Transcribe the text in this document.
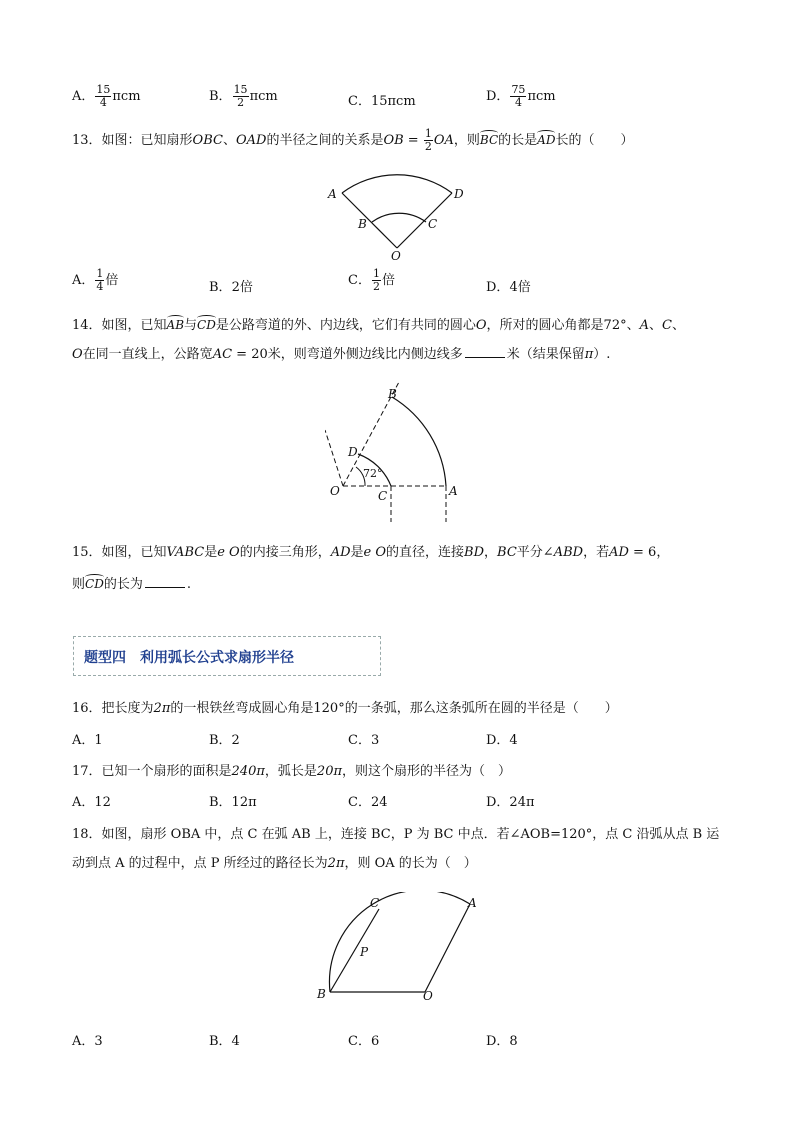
A． $\frac{15}{4}$ πcm	B． $\frac{15}{2}$ πcm	C．15πcm	D． $\frac{75}{4}$ πcm
13．如图：已知扇形OBC、OAD的半径之间的关系是OB = $\frac{1}{2}$ OA，则BC的长是AD长的（　　）
A	D
B	C
O
A． $\frac{1}{4}$ 倍	B．2倍	C． $\frac{1}{2}$ 倍	D．4倍
14．如图，已知AB与CD是公路弯道的外、内边线，它们有共同的圆心O，所对的圆心角都是72°、A、C、
O在同一直线上，公路宽AC = 20米，则弯道外侧边线比内侧边线多	米（结果保留π）.
B
D
72°
O	C	A
15．如图，已知VABC是e O的内接三角形，AD是e O的直径，连接BD，BC平分∠ABD，若AD = 6，
则CD的长为	.
题型四　利用弧长公式求扇形半径
16．把长度为2π的一根铁丝弯成圆心角是120°的一条弧，那么这条弧所在圆的半径是（　　）
A．1	B．2	C．3	D．4
17．已知一个扇形的面积是240π，弧长是20π，则这个扇形的半径为（　）
A．12	B．12π	C．24	D．24π
18．如图，扇形 OBA 中，点 C 在弧 AB 上，连接 BC，P 为 BC 中点．若∠AOB=120°，点 C 沿弧从点 B 运
动到点 A 的过程中，点 P 所经过的路径长为2π，则 OA 的长为（　）
C	A
P
B	O
A．3	B．4	C．6	D．8
